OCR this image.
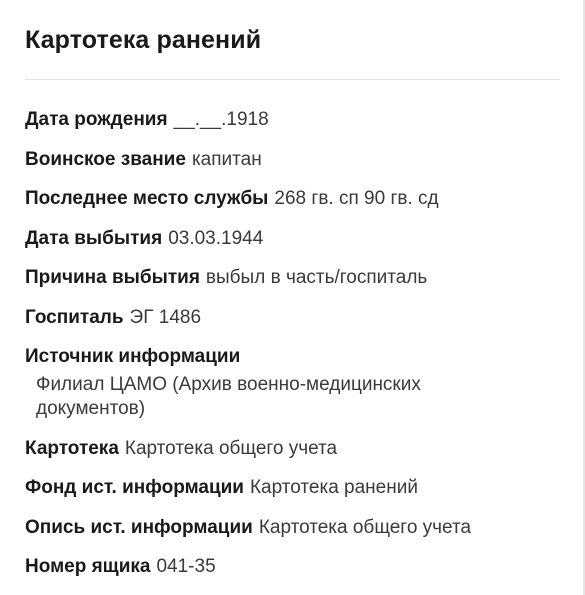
Картотека ранений
Дата рождения __.__.1918
Воинское звание капитан
Последнее место службы 268 гв. сп 90 гв. сд
Дата выбытия 03.03.1944
Причина выбытия выбыл в часть/госпиталь
Госпиталь ЭГ 1486
Источник информации
Филиал ЦАМО (Архив военно-медицинских документов)
Картотека Картотека общего учета
Фонд ист. информации Картотека ранений
Опись ист. информации Картотека общего учета
Номер ящика 041-35
